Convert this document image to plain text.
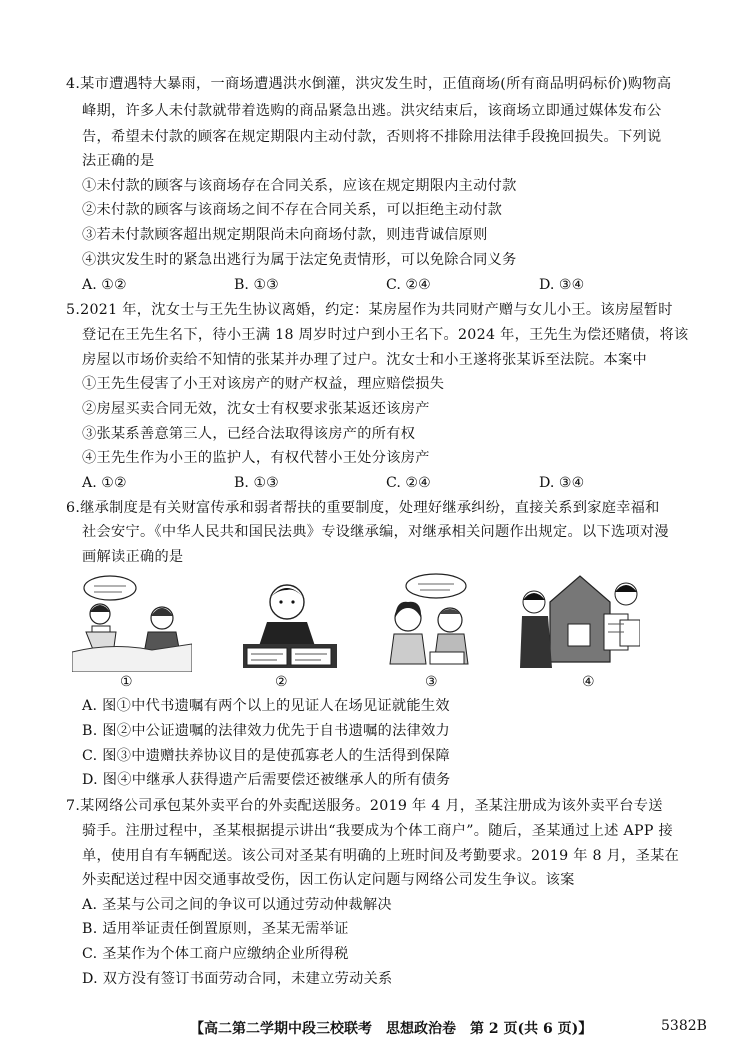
4.某市遭遇特大暴雨，一商场遭遇洪水倒灌，洪灾发生时，正值商场(所有商品明码标价)购物高
峰期，许多人未付款就带着选购的商品紧急出逃。洪灾结束后，该商场立即通过媒体发布公
告，希望未付款的顾客在规定期限内主动付款，否则将不排除用法律手段挽回损失。下列说
法正确的是
①未付款的顾客与该商场存在合同关系，应该在规定期限内主动付款
②未付款的顾客与该商场之间不存在合同关系，可以拒绝主动付款
③若未付款顾客超出规定期限尚未向商场付款，则违背诚信原则
④洪灾发生时的紧急出逃行为属于法定免责情形，可以免除合同义务
A. ①②	B. ①③	C. ②④	D. ③④
5.2021 年，沈女士与王先生协议离婚，约定：某房屋作为共同财产赠与女儿小王。该房屋暂时
登记在王先生名下，待小王满 18 周岁时过户到小王名下。2024 年，王先生为偿还赌债，将该
房屋以市场价卖给不知情的张某并办理了过户。沈女士和小王遂将张某诉至法院。本案中
①王先生侵害了小王对该房产的财产权益，理应赔偿损失
②房屋买卖合同无效，沈女士有权要求张某返还该房产
③张某系善意第三人，已经合法取得该房产的所有权
④王先生作为小王的监护人，有权代替小王处分该房产
A. ①②	B. ①③	C. ②④	D. ③④
6.继承制度是有关财富传承和弱者帮扶的重要制度，处理好继承纠纷，直接关系到家庭幸福和
社会安宁。《中华人民共和国民法典》专设继承编，对继承相关问题作出规定。以下选项对漫
画解读正确的是
①	②	③	④
A. 图①中代书遗嘱有两个以上的见证人在场见证就能生效
B. 图②中公证遗嘱的法律效力优先于自书遗嘱的法律效力
C. 图③中遗赠扶养协议目的是使孤寡老人的生活得到保障
D. 图④中继承人获得遗产后需要偿还被继承人的所有债务
7.某网络公司承包某外卖平台的外卖配送服务。2019 年 4 月，圣某注册成为该外卖平台专送
骑手。注册过程中，圣某根据提示讲出“我要成为个体工商户”。随后，圣某通过上述 APP 接
单，使用自有车辆配送。该公司对圣某有明确的上班时间及考勤要求。2019 年 8 月，圣某在
外卖配送过程中因交通事故受伤，因工伤认定问题与网络公司发生争议。该案
A. 圣某与公司之间的争议可以通过劳动仲裁解决
B. 适用举证责任倒置原则，圣某无需举证
C. 圣某作为个体工商户应缴纳企业所得税
D. 双方没有签订书面劳动合同，未建立劳动关系
【高二第二学期中段三校联考　思想政治卷　第 2 页(共 6 页)】	5382B
